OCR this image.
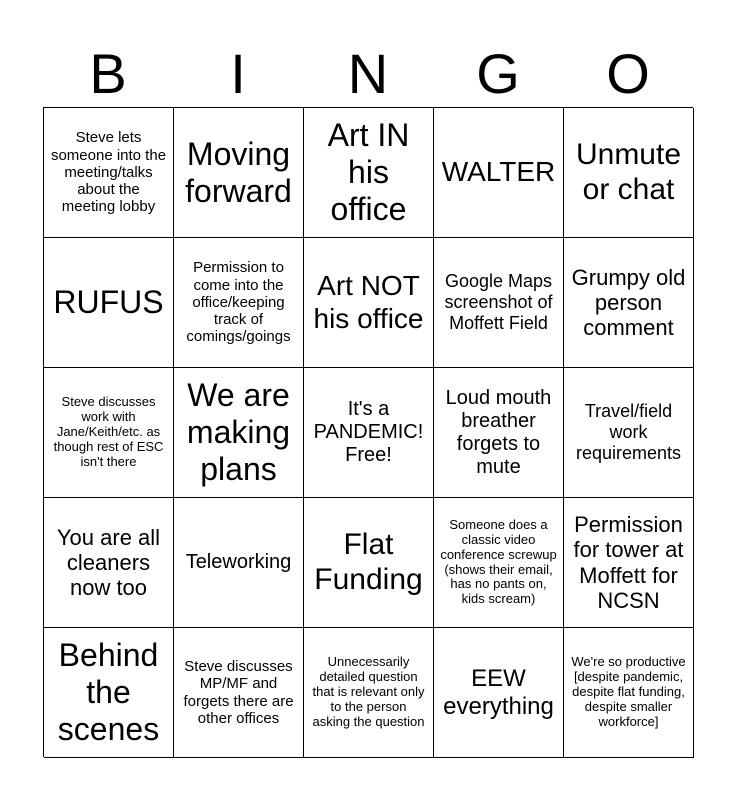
B	I	N	G	O
Steve lets someone into the meeting/talks about the meeting lobby
Moving forward
Art IN his office
WALTER
Unmute or chat
RUFUS
Permission to come into the office/keeping track of comings/goings
Art NOT his office
Google Maps screenshot of Moffett Field
Grumpy old person comment
Steve discusses work with Jane/Keith/etc. as though rest of ESC isn't there
We are making plans
It's a PANDEMIC! Free!
Loud mouth breather forgets to mute
Travel/field work requirements
You are all cleaners now too
Teleworking
Flat Funding
Someone does a classic video conference screwup (shows their email, has no pants on, kids scream)
Permission for tower at Moffett for NCSN
Behind the scenes
Steve discusses MP/MF and forgets there are other offices
Unnecessarily detailed question that is relevant only to the person asking the question
EEW everything
We're so productive [despite pandemic, despite flat funding, despite smaller workforce]
